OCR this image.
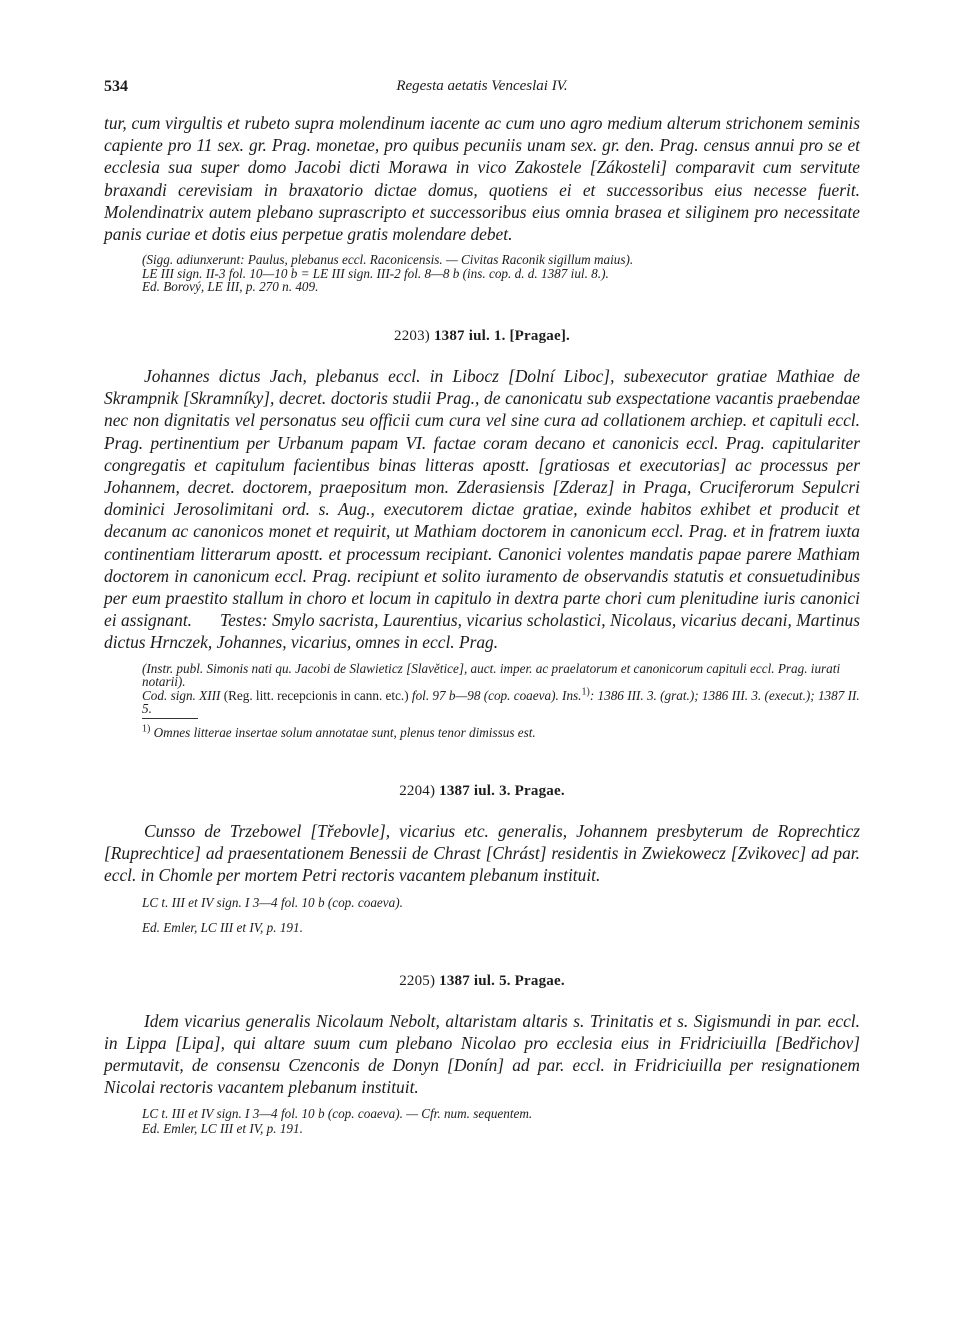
534	Regesta aetatis Venceslai IV.

tur, cum virgultis et rubeto supra molendinum iacente ac cum uno agro medium alterum strichonem seminis capiente pro 11 sex. gr. Prag. monetae, pro quibus pecuniis unam sex. gr. den. Prag. census annui pro se et ecclesia sua super domo Jacobi dicti Morawa in vico Zakostele [Zákosteli] comparavit cum servitute braxandi cerevisiam in braxatorio dictae domus, quotiens ei et successoribus eius necesse fuerit. Molendinatrix autem plebano suprascripto et successoribus eius omnia brasea et siliginem pro necessitate panis curiae et dotis eius perpetue gratis molendare debet.

(Sigg. adiunxerunt: Paulus, plebanus eccl. Raconicensis. — Civitas Raconik sigillum maius).

LE III sign. II-3 fol. 10—10 b = LE III sign. III-2 fol. 8—8 b (ins. cop. d. d. 1387 iul. 8.).

Ed. Borový, LE III, p. 270 n. 409.

2203) 1387 iul. 1. [Pragae].

Johannes dictus Jach, plebanus eccl. in Libocz [Dolní Liboc], subexecutor gratiae Mathiae de Skrampnik [Skramníky], decret. doctoris studii Prag., de canonicatu sub exspectatione vacantis praebendae nec non dignitatis vel personatus seu officii cum cura vel sine cura ad collationem archiep. et capituli eccl. Prag. pertinentium per Urbanum papam VI. factae coram decano et canonicis eccl. Prag. capitulariter congregatis et capitulum facientibus binas litteras apostt. [gratiosas et executorias] ac processus per Johannem, decret. doctorem, praepositum mon. Zderasiensis [Zderaz] in Praga, Cruciferorum Sepulcri dominici Jerosolimitani ord. s. Aug., executorem dictae gratiae, exinde habitos exhibet et producit et decanum ac canonicos monet et requirit, ut Mathiam doctorem in canonicum eccl. Prag. et in fratrem iuxta continentiam litterarum apostt. et processum recipiant. Canonici volentes mandatis papae parere Mathiam doctorem in canonicum eccl. Prag. recipiunt et solito iuramento de observandis statutis et consuetudinibus per eum praestito stallum in choro et locum in capitulo in dextra parte chori cum plenitudine iuris canonici ei assignant. Testes: Smylo sacrista, Laurentius, vicarius scholastici, Nicolaus, vicarius decani, Martinus dictus Hrnczek, Johannes, vicarius, omnes in eccl. Prag.

(Instr. publ. Simonis nati qu. Jacobi de Slawieticz [Slavětice], auct. imper. ac praelatorum et canonicorum capituli eccl. Prag. iurati notarii).

Cod. sign. XIII (Reg. litt. recepcionis in cann. etc.) fol. 97 b—98 (cop. coaeva). Ins.$^{1)}$: 1386 III. 3. (grat.); 1386 III. 3. (execut.); 1387 II. 5.

$^{1)}$ Omnes litterae insertae solum annotatae sunt, plenus tenor dimissus est.

2204) 1387 iul. 3. Pragae.

Cunsso de Trzebowel [Třebovle], vicarius etc. generalis, Johannem presbyterum de Roprechticz [Ruprechtice] ad praesentationem Benessii de Chrast [Chrást] residentis in Zwiekowecz [Zvikovec] ad par. eccl. in Chomle per mortem Petri rectoris vacantem plebanum instituit.

LC t. III et IV sign. I 3—4 fol. 10 b (cop. coaeva).

Ed. Emler, LC III et IV, p. 191.

2205) 1387 iul. 5. Pragae.

Idem vicarius generalis Nicolaum Nebolt, altaristam altaris s. Trinitatis et s. Sigismundi in par. eccl. in Lippa [Lipa], qui altare suum cum plebano Nicolao pro ecclesia eius in Fridriciuilla [Bedřichov] permutavit, de consensu Czenconis de Donyn [Donín] ad par. eccl. in Fridriciuilla per resignationem Nicolai rectoris vacantem plebanum instituit.

LC t. III et IV sign. I 3—4 fol. 10 b (cop. coaeva). — Cfr. num. sequentem.

Ed. Emler, LC III et IV, p. 191.
